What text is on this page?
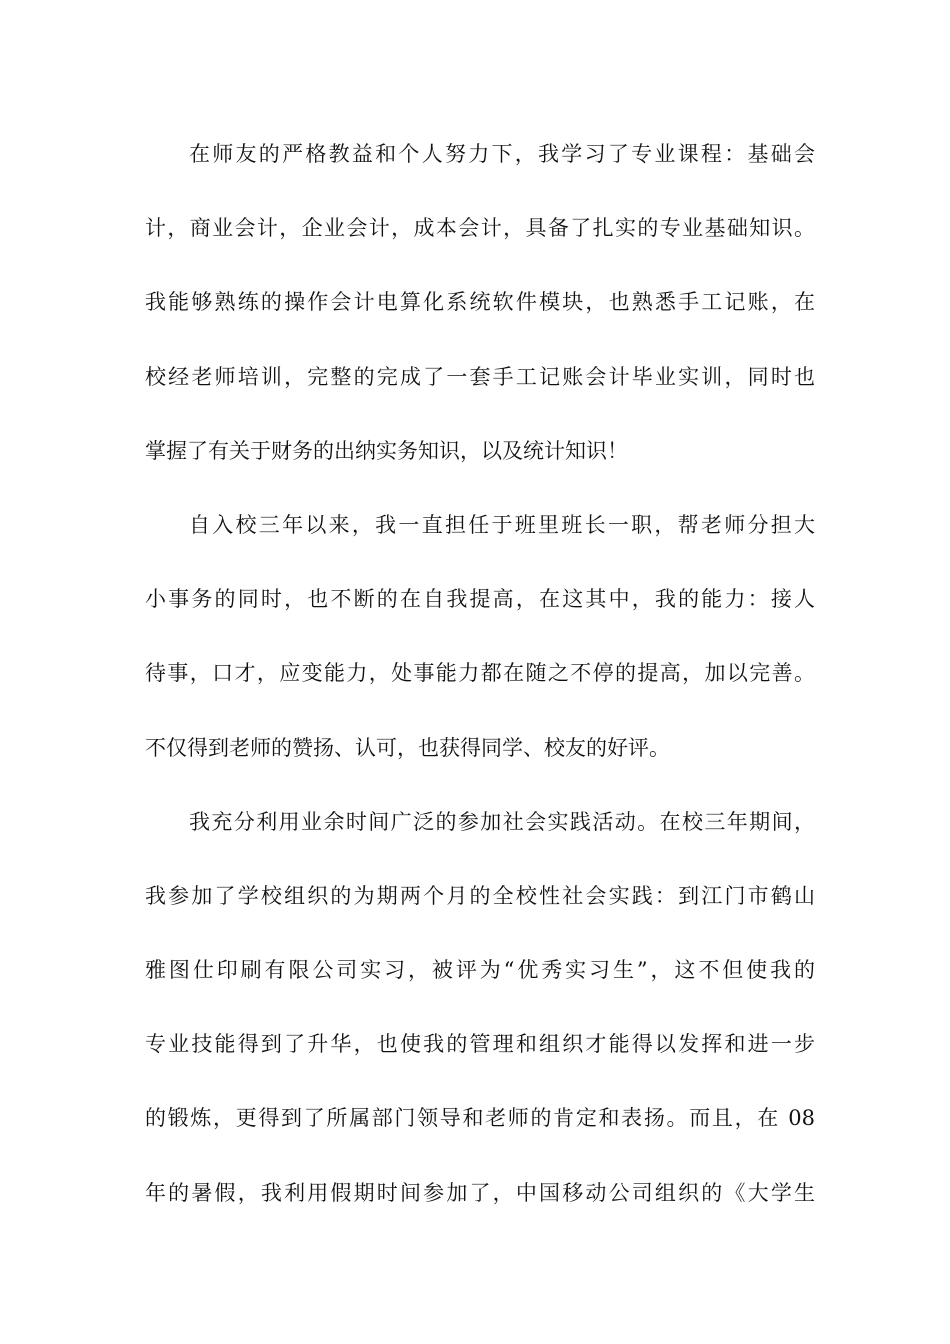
在师友的严格教益和个人努力下，我学习了专业课程：基础会
计，商业会计，企业会计，成本会计，具备了扎实的专业基础知识。
我能够熟练的操作会计电算化系统软件模块，也熟悉手工记账，在
校经老师培训，完整的完成了一套手工记账会计毕业实训，同时也
掌握了有关于财务的出纳实务知识，以及统计知识！
自入校三年以来，我一直担任于班里班长一职，帮老师分担大
小事务的同时，也不断的在自我提高，在这其中，我的能力：接人
待事，口才，应变能力，处事能力都在随之不停的提高，加以完善。
不仅得到老师的赞扬、认可，也获得同学、校友的好评。
我充分利用业余时间广泛的参加社会实践活动。在校三年期间，
我参加了学校组织的为期两个月的全校性社会实践：到江门市鹤山
雅图仕印刷有限公司实习，被评为“优秀实习生”，这不但使我的
专业技能得到了升华，也使我的管理和组织才能得以发挥和进一步
的锻炼，更得到了所属部门领导和老师的肯定和表扬。而且，在 08
年的暑假，我利用假期时间参加了，中国移动公司组织的《大学生
